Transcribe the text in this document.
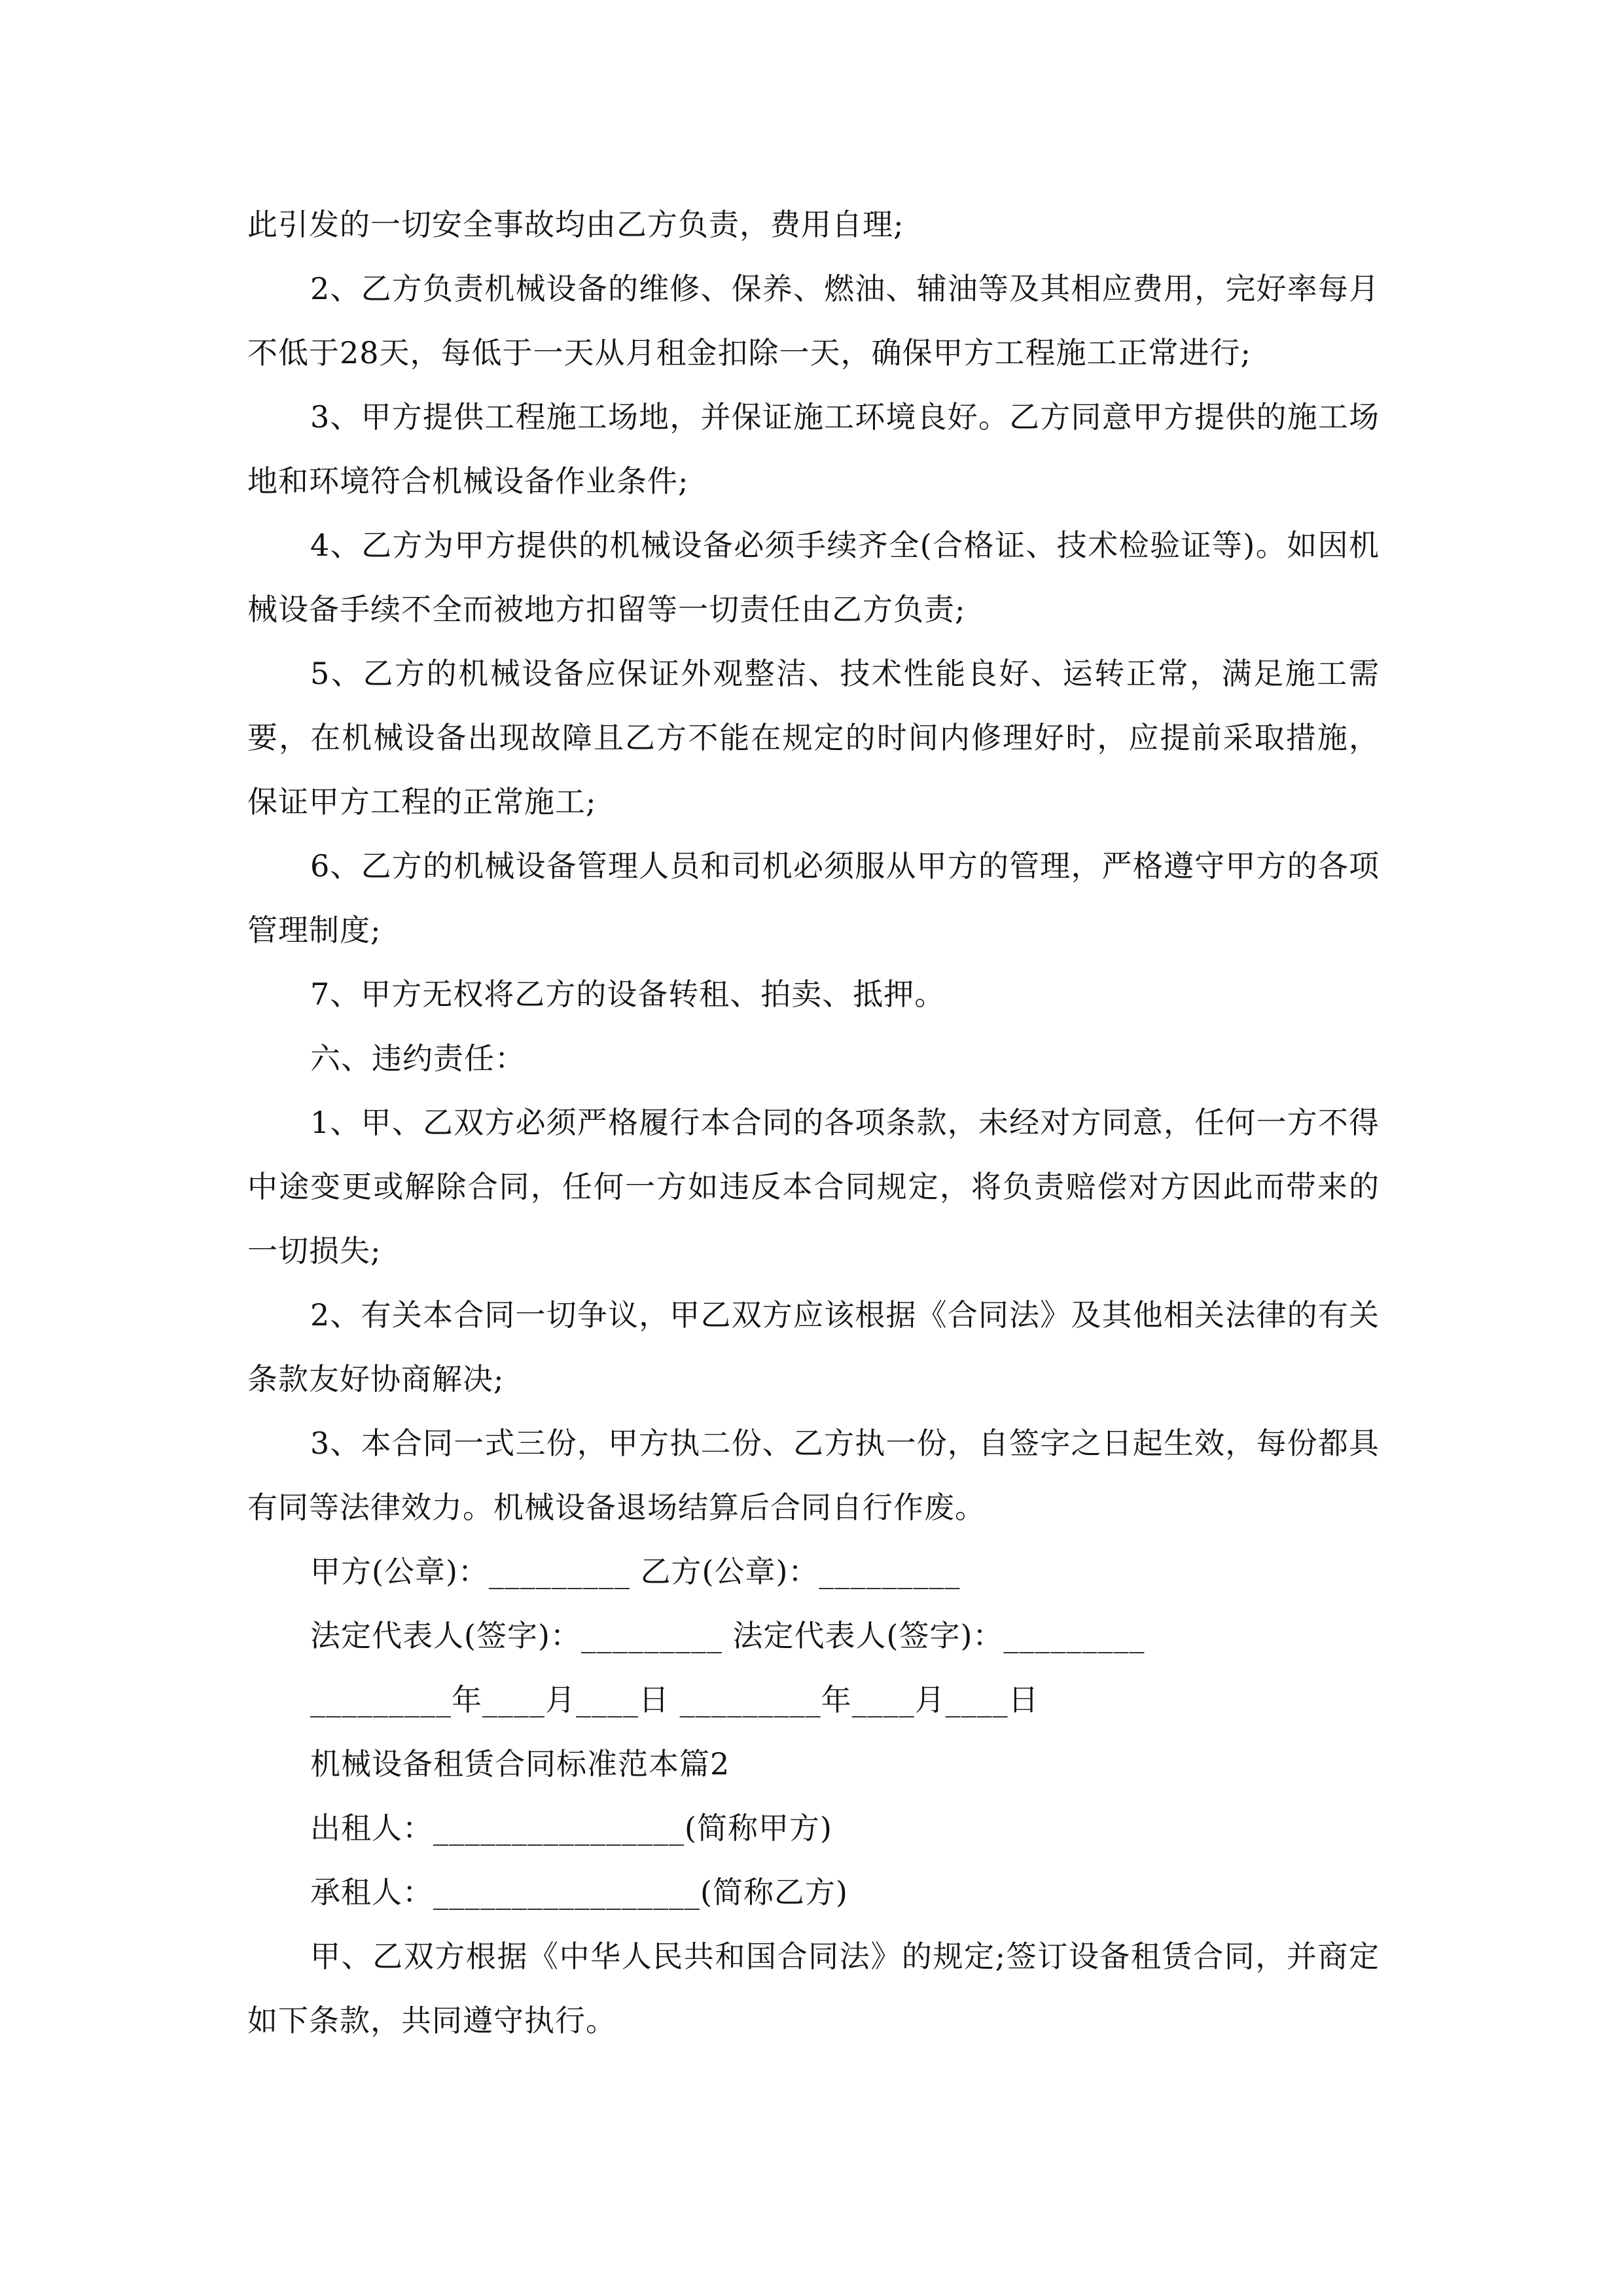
此引发的一切安全事故均由乙方负责，费用自理;

2、乙方负责机械设备的维修、保养、燃油、辅油等及其相应费用，完好率每月不低于28天，每低于一天从月租金扣除一天，确保甲方工程施工正常进行;

3、甲方提供工程施工场地，并保证施工环境良好。乙方同意甲方提供的施工场地和环境符合机械设备作业条件;

4、乙方为甲方提供的机械设备必须手续齐全(合格证、技术检验证等)。如因机械设备手续不全而被地方扣留等一切责任由乙方负责;

5、乙方的机械设备应保证外观整洁、技术性能良好、运转正常，满足施工需要，在机械设备出现故障且乙方不能在规定的时间内修理好时，应提前采取措施，保证甲方工程的正常施工;

6、乙方的机械设备管理人员和司机必须服从甲方的管理，严格遵守甲方的各项管理制度;

7、甲方无权将乙方的设备转租、拍卖、抵押。

六、违约责任：

1、甲、乙双方必须严格履行本合同的各项条款，未经对方同意，任何一方不得中途变更或解除合同，任何一方如违反本合同规定，将负责赔偿对方因此而带来的一切损失;

2、有关本合同一切争议，甲乙双方应该根据《合同法》及其他相关法律的有关条款友好协商解决;

3、本合同一式三份，甲方执二份、乙方执一份，自签字之日起生效，每份都具有同等法律效力。机械设备退场结算后合同自行作废。

甲方(公章)：_________ 乙方(公章)：_________

法定代表人(签字)：_________ 法定代表人(签字)：_________

_________年____月____日 _________年____月____日

机械设备租赁合同标准范本篇2

出租人：________________(简称甲方)

承租人：_________________(简称乙方)

甲、乙双方根据《中华人民共和国合同法》的规定;签订设备租赁合同，并商定如下条款，共同遵守执行。
